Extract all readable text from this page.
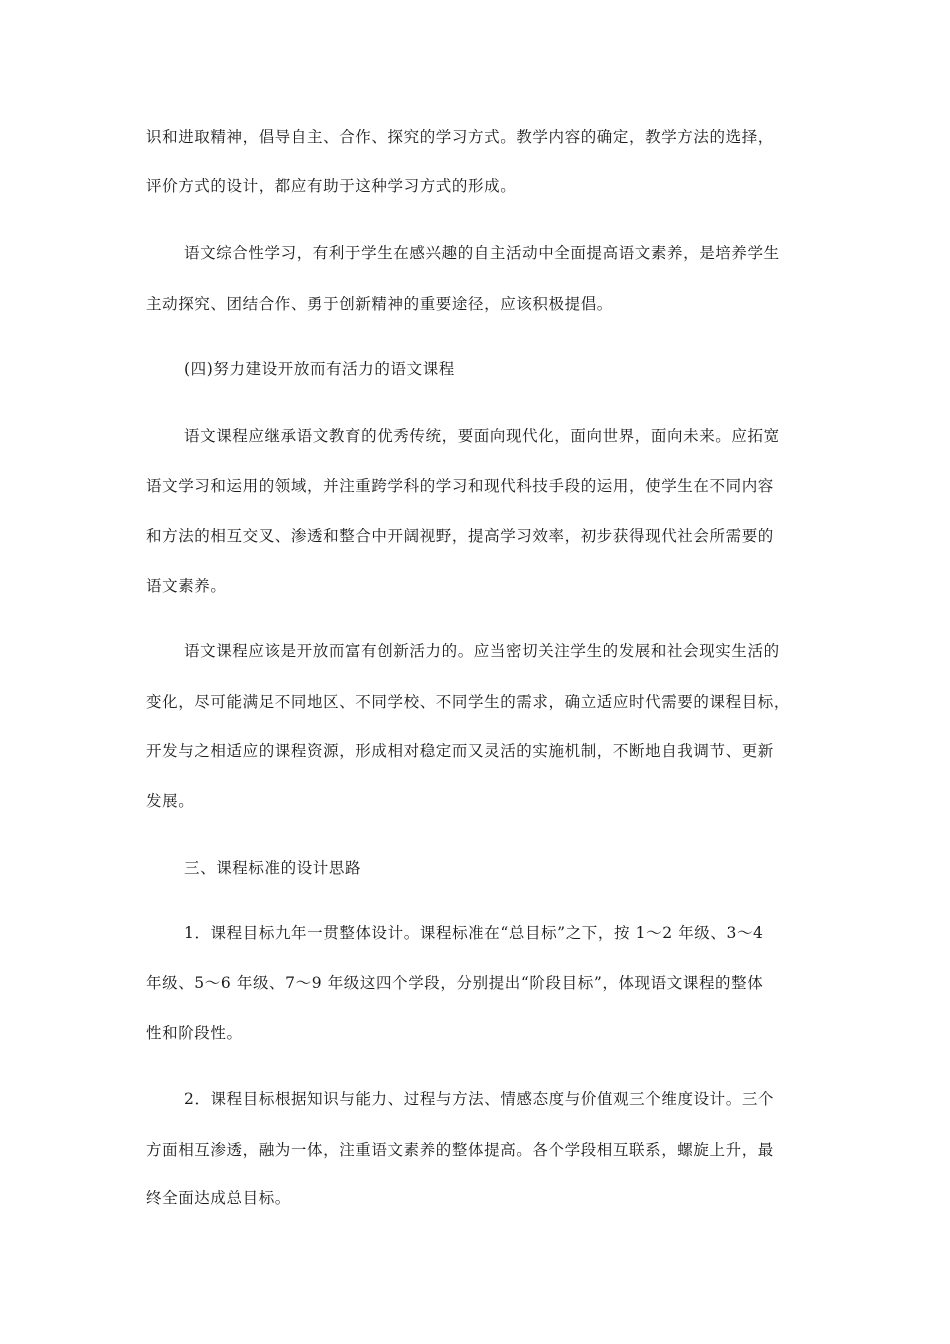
识和进取精神，倡导自主、合作、探究的学习方式。教学内容的确定，教学方法的选择，
评价方式的设计，都应有助于这种学习方式的形成。
语文综合性学习，有利于学生在感兴趣的自主活动中全面提高语文素养，是培养学生
主动探究、团结合作、勇于创新精神的重要途径，应该积极提倡。
(四)努力建设开放而有活力的语文课程
语文课程应继承语文教育的优秀传统，要面向现代化，面向世界，面向未来。应拓宽
语文学习和运用的领域，并注重跨学科的学习和现代科技手段的运用，使学生在不同内容
和方法的相互交叉、渗透和整合中开阔视野，提高学习效率，初步获得现代社会所需要的
语文素养。
语文课程应该是开放而富有创新活力的。应当密切关注学生的发展和社会现实生活的
变化，尽可能满足不同地区、不同学校、不同学生的需求，确立适应时代需要的课程目标，
开发与之相适应的课程资源，形成相对稳定而又灵活的实施机制，不断地自我调节、更新
发展。
三、课程标准的设计思路
1．课程目标九年一贯整体设计。课程标准在“总目标”之下，按 1～2 年级、3～4
年级、5～6 年级、7～9 年级这四个学段，分别提出“阶段目标”，体现语文课程的整体
性和阶段性。
2．课程目标根据知识与能力、过程与方法、情感态度与价值观三个维度设计。三个
方面相互渗透，融为一体，注重语文素养的整体提高。各个学段相互联系，螺旋上升，最
终全面达成总目标。
